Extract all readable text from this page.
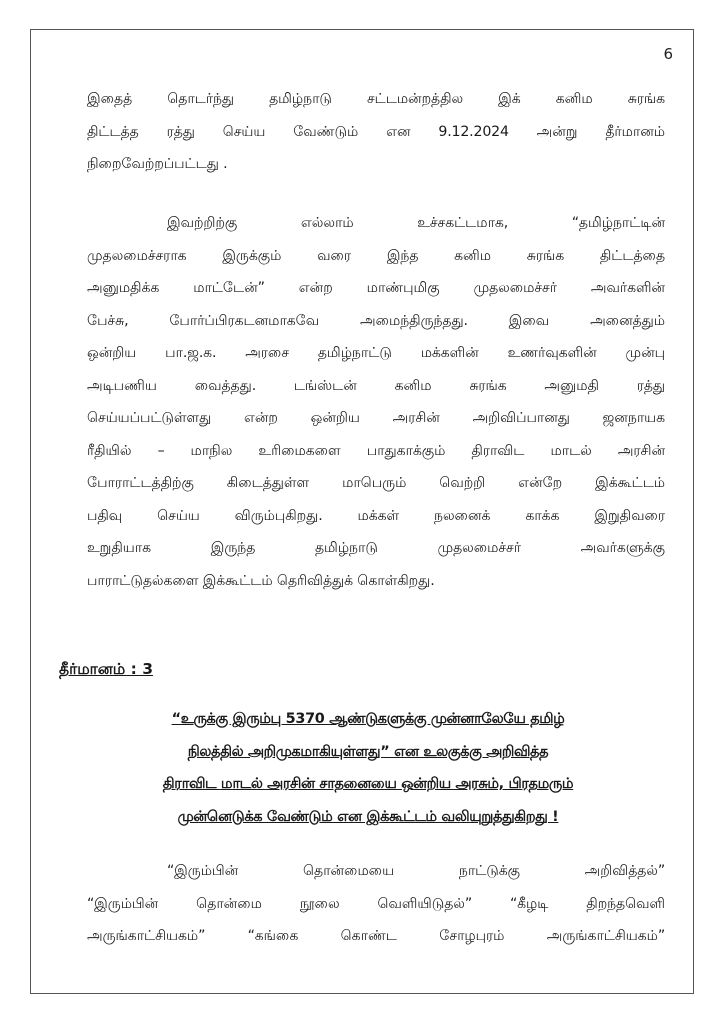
6

இதைத் தொடர்ந்து தமிழ்நாடு சட்டமன்றத்தில இக் கனிம சுரங்க

திட்டத்த ரத்து செய்ய வேண்டும் என 9.12.2024 அன்று தீர்மானம்

நிறைவேற்றப்பட்டது .

இவற்றிற்கு எல்லாம் உச்சகட்டமாக, “தமிழ்நாட்டின்

முதலமைச்சராக இருக்கும் வரை இந்த கனிம சுரங்க திட்டத்தை

அனுமதிக்க மாட்டேன்” என்ற மாண்புமிகு முதலமைச்சர் அவர்களின்

பேச்சு, போர்ப்பிரகடனமாகவே அமைந்திருந்தது. இவை அனைத்தும்

ஒன்றிய பா.ஜ.க. அரசை தமிழ்நாட்டு மக்களின் உணர்வுகளின் முன்பு

அடிபணிய வைத்தது. டங்ஸ்டன் கனிம சுரங்க அனுமதி ரத்து

செய்யப்பட்டுள்ளது என்ற ஒன்றிய அரசின் அறிவிப்பானது ஜனநாயக

ரீதியில் – மாநில உரிமைகளை பாதுகாக்கும் திராவிட மாடல் அரசின்

போராட்டத்திற்கு கிடைத்துள்ள மாபெரும் வெற்றி என்றே இக்கூட்டம்

பதிவு செய்ய விரும்புகிறது. மக்கள் நலனைக் காக்க இறுதிவரை

உறுதியாக இருந்த தமிழ்நாடு முதலமைச்சர் அவர்களுக்கு

பாராட்டுதல்களை இக்கூட்டம் தெரிவித்துக் கொள்கிறது.

தீர்மானம் : 3

“உருக்கு இரும்பு 5370 ஆண்டுகளுக்கு முன்னாலேயே தமிழ்

நிலத்தில் அறிமுகமாகியுள்ளது” என உலகுக்கு அறிவித்த

திராவிட மாடல் அரசின் சாதனையை ஒன்றிய அரசும், பிரதமரும்

முன்னெடுக்க வேண்டும் என இக்கூட்டம் வலியுறுத்துகிறது !

“இரும்பின் தொன்மையை நாட்டுக்கு அறிவித்தல்”

“இரும்பின் தொன்மை நூலை வெளியிடுதல்” “கீழடி திறந்தவெளி

அருங்காட்சியகம்” “கங்கை கொண்ட சோழபுரம் அருங்காட்சியகம்”
